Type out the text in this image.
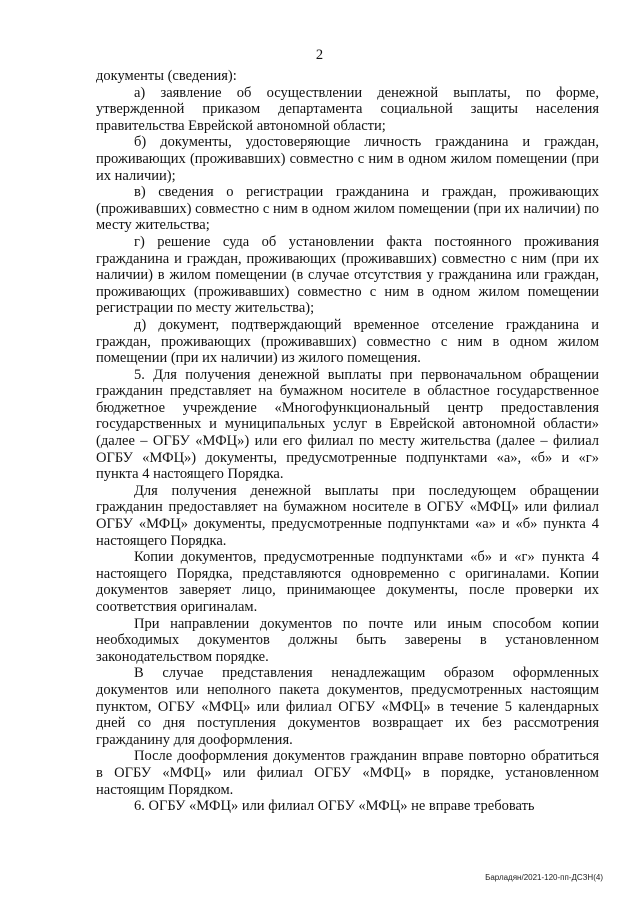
2

документы (сведения):

а) заявление об осуществлении денежной выплаты, по форме, утвержденной приказом департамента социальной защиты населения правительства Еврейской автономной области;

б) документы, удостоверяющие личность гражданина и граждан, проживающих (проживавших) совместно с ним в одном жилом помещении (при их наличии);

в) сведения о регистрации гражданина и граждан, проживающих (проживавших) совместно с ним в одном жилом помещении (при их наличии) по месту жительства;

г) решение суда об установлении факта постоянного проживания гражданина и граждан, проживающих (проживавших) совместно с ним (при их наличии) в жилом помещении (в случае отсутствия у гражданина или граждан, проживающих (проживавших) совместно с ним в одном жилом помещении регистрации по месту жительства);

д) документ, подтверждающий временное отселение гражданина и граждан, проживающих (проживавших) совместно с ним в одном жилом помещении (при их наличии) из жилого помещения.

5. Для получения денежной выплаты при первоначальном обращении гражданин представляет на бумажном носителе в областное государственное бюджетное учреждение «Многофункциональный центр предоставления государственных и муниципальных услуг в Еврейской автономной области» (далее – ОГБУ «МФЦ») или его филиал по месту жительства (далее – филиал ОГБУ «МФЦ») документы, предусмотренные подпунктами «а», «б» и «г» пункта 4 настоящего Порядка.

Для получения денежной выплаты при последующем обращении гражданин предоставляет на бумажном носителе в ОГБУ «МФЦ» или филиал ОГБУ «МФЦ» документы, предусмотренные подпунктами «а» и «б» пункта 4 настоящего Порядка.

Копии документов, предусмотренные подпунктами «б» и «г» пункта 4 настоящего Порядка, представляются одновременно с оригиналами. Копии документов заверяет лицо, принимающее документы, после проверки их соответствия оригиналам.

При направлении документов по почте или иным способом копии необходимых документов должны быть заверены в установленном законодательством порядке.

В случае представления ненадлежащим образом оформленных документов или неполного пакета документов, предусмотренных настоящим пунктом, ОГБУ «МФЦ» или филиал ОГБУ «МФЦ» в течение 5 календарных дней со дня поступления документов возвращает их без рассмотрения гражданину для дооформления.

После дооформления документов гражданин вправе повторно обратиться в ОГБУ «МФЦ» или филиал ОГБУ «МФЦ» в порядке, установленном настоящим Порядком.

6. ОГБУ «МФЦ» или филиал ОГБУ «МФЦ» не вправе требовать

Барладян/2021-120-пп-ДСЗН(4)
